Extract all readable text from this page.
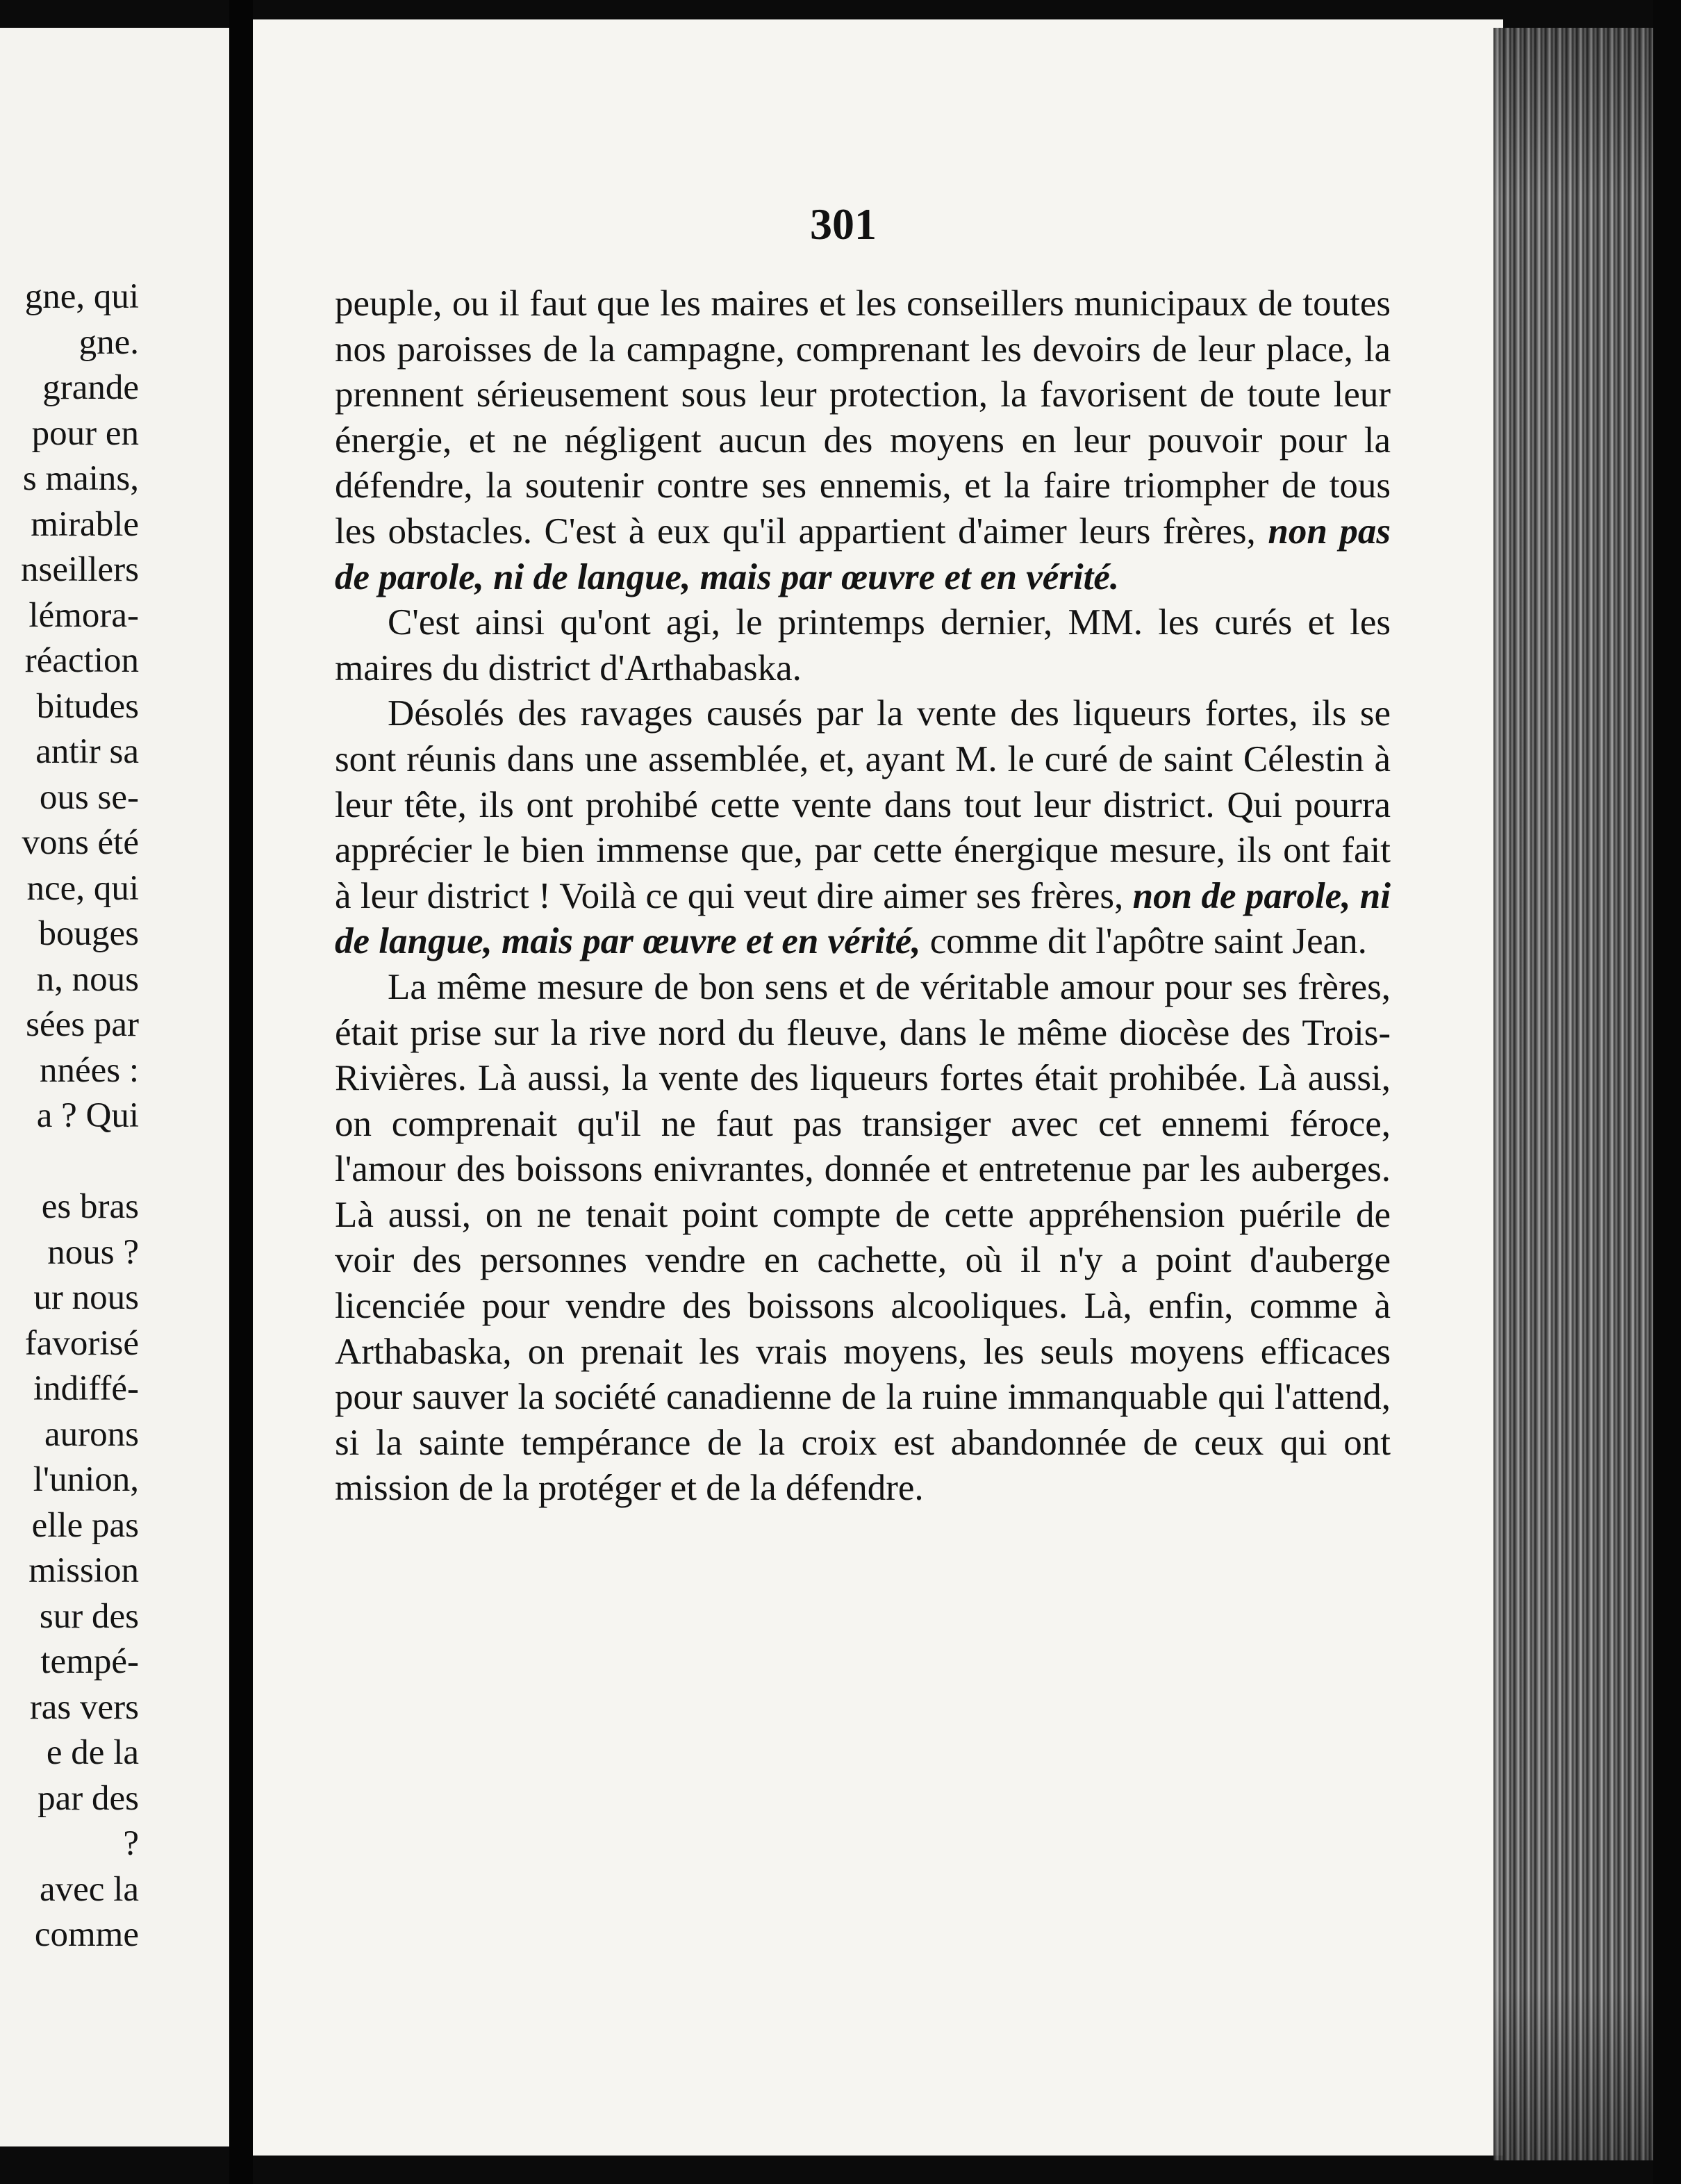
gne, qui
gne.
grande
pour en
s mains,
mirable
nseillers
lémora-
réaction
bitudes
antir sa
ous se-
vons été
nce, qui
bouges
n, nous
sées par
nnées :
a ? Qui

es bras
nous ?
ur nous
favorisé
indiffé-
aurons
l'union,
elle pas
mission
sur des
tempé-
ras vers
e de la
par des
?
avec la
comme
301

peuple, ou il faut que les maires et les conseillers municipaux de toutes nos paroisses de la campagne, comprenant les devoirs de leur place, la prennent sérieusement sous leur protection, la favorisent de toute leur énergie, et ne négligent aucun des moyens en leur pouvoir pour la défendre, la soutenir contre ses ennemis, et la faire triompher de tous les obstacles. C'est à eux qu'il appartient d'aimer leurs frères, non pas de parole, ni de langue, mais par œuvre et en vérité.

C'est ainsi qu'ont agi, le printemps dernier, MM. les curés et les maires du district d'Arthabaska.

Désolés des ravages causés par la vente des liqueurs fortes, ils se sont réunis dans une assemblée, et, ayant M. le curé de saint Célestin à leur tête, ils ont prohibé cette vente dans tout leur district. Qui pourra apprécier le bien immense que, par cette énergique mesure, ils ont fait à leur district ! Voilà ce qui veut dire aimer ses frères, non de parole, ni de langue, mais par œuvre et en vérité, comme dit l'apôtre saint Jean.

La même mesure de bon sens et de véritable amour pour ses frères, était prise sur la rive nord du fleuve, dans le même diocèse des Trois-Rivières. Là aussi, la vente des liqueurs fortes était prohibée. Là aussi, on comprenait qu'il ne faut pas transiger avec cet ennemi féroce, l'amour des boissons enivrantes, donnée et entretenue par les auberges. Là aussi, on ne tenait point compte de cette appréhension puérile de voir des personnes vendre en cachette, où il n'y a point d'auberge licenciée pour vendre des boissons alcooliques. Là, enfin, comme à Arthabaska, on prenait les vrais moyens, les seuls moyens efficaces pour sauver la société canadienne de la ruine immanquable qui l'attend, si la sainte tempérance de la croix est abandonnée de ceux qui ont mission de la protéger et de la défendre.
